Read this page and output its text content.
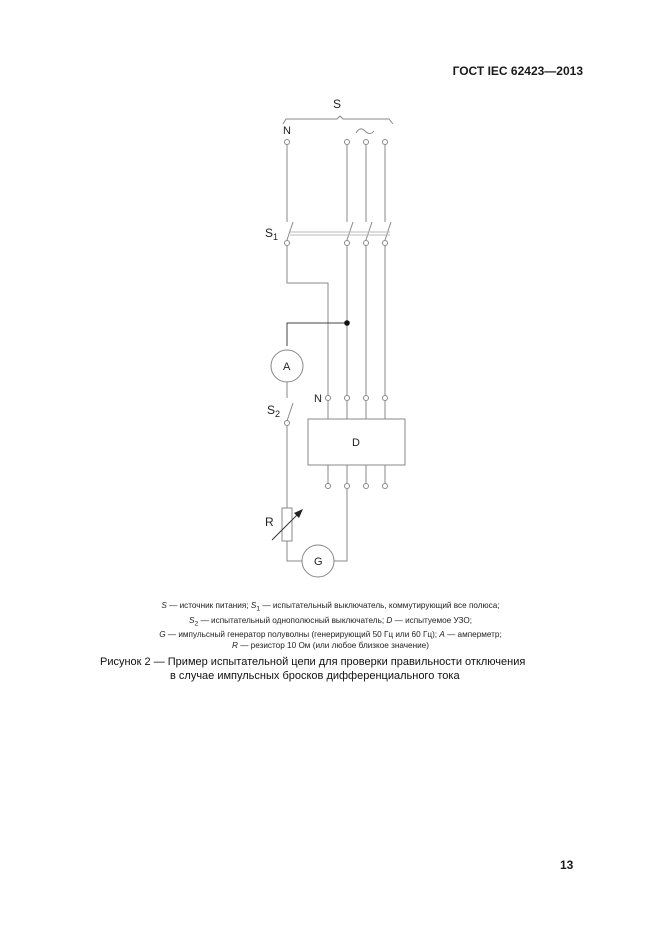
ГОСТ IEC 62423—2013
S
N
$S_1$
A
$S_2$
N
D
R
G
S — источник питания; $S_1$ — испытательный выключатель, коммутирующий все полюса;
$S_2$ — испытательный однополюсный выключатель; D — испытуемое УЗО;
G — импульсный генератор полуволны (генерирующий 50 Гц или 60 Гц); A — амперметр;
R — резистор 10 Ом (или любое близкое значение)
Рисунок 2 — Пример испытательной цепи для проверки правильности отключения
в случае импульсных бросков дифференциального тока
13
